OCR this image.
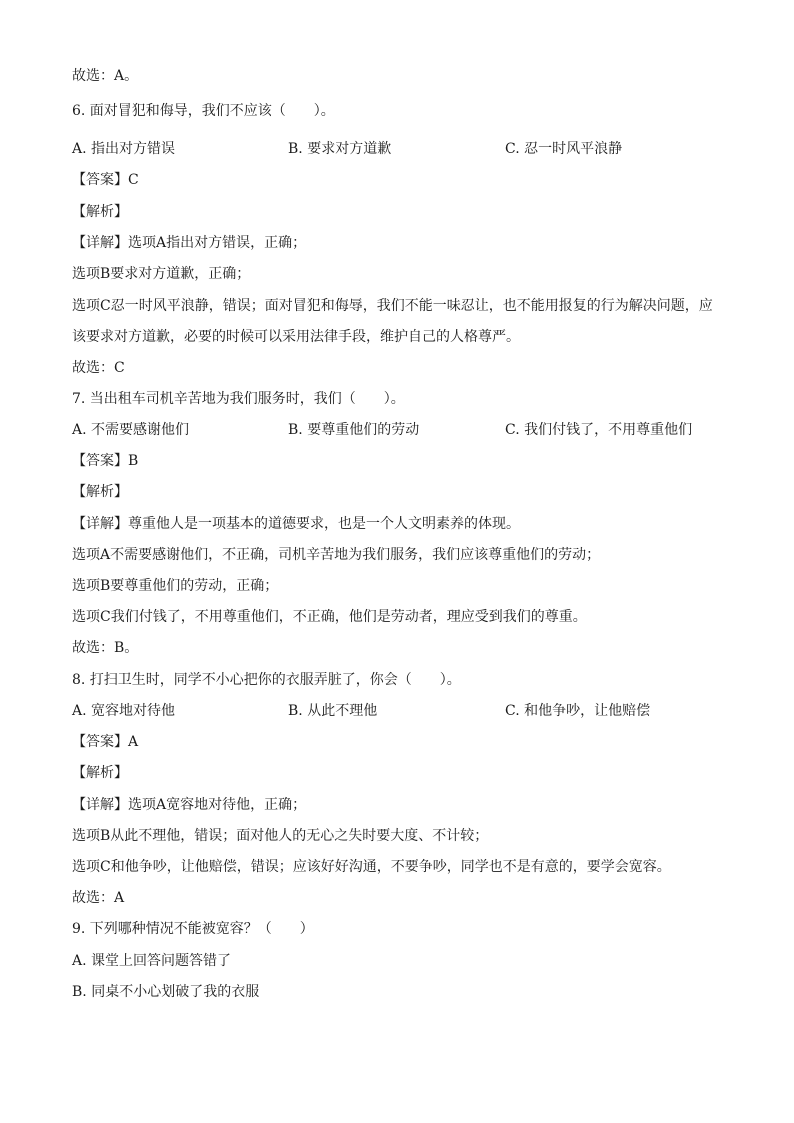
故选：A。
6. 面对冒犯和侮导，我们不应该（　　）。
A. 指出对方错误	B. 要求对方道歉	C. 忍一时风平浪静
【答案】C
【解析】
【详解】选项A指出对方错误，正确；
选项B要求对方道歉，正确；
选项C忍一时风平浪静，错误；面对冒犯和侮辱，我们不能一味忍让，也不能用报复的行为解决问题，应
该要求对方道歉，必要的时候可以采用法律手段，维护自己的人格尊严。
故选：C
7. 当出租车司机辛苦地为我们服务时，我们（　　）。
A. 不需要感谢他们	B. 要尊重他们的劳动	C. 我们付钱了，不用尊重他们
【答案】B
【解析】
【详解】尊重他人是一项基本的道德要求，也是一个人文明素养的体现。
选项A不需要感谢他们，不正确，司机辛苦地为我们服务，我们应该尊重他们的劳动；
选项B要尊重他们的劳动，正确；
选项C我们付钱了，不用尊重他们，不正确，他们是劳动者，理应受到我们的尊重。
故选：B。
8. 打扫卫生时，同学不小心把你的衣服弄脏了，你会（　　）。
A. 宽容地对待他	B. 从此不理他	C. 和他争吵，让他赔偿
【答案】A
【解析】
【详解】选项A宽容地对待他，正确；
选项B从此不理他，错误；面对他人的无心之失时要大度、不计较；
选项C和他争吵，让他赔偿，错误；应该好好沟通，不要争吵，同学也不是有意的，要学会宽容。
故选：A
9. 下列哪种情况不能被宽容？（　　）
A. 课堂上回答问题答错了
B. 同桌不小心划破了我的衣服
